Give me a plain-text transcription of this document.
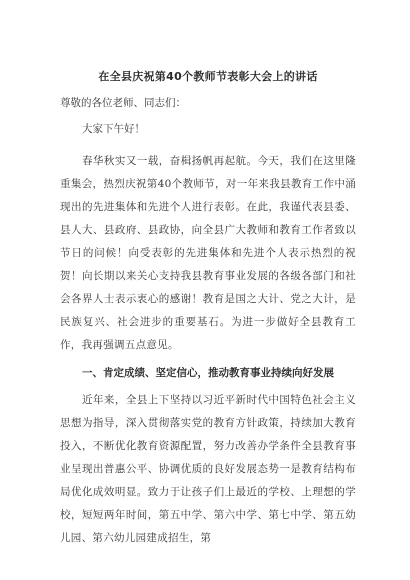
在全县庆祝第40个教师节表彰大会上的讲话

尊敬的各位老师、同志们：

大家下午好！

春华秋实又一载，奋楫扬帆再起航。今天，我们在这里隆重集会，热烈庆祝第40个教师节，对一年来我县教育工作中涌现出的先进集体和先进个人进行表彰。在此，我谨代表县委、县人大、县政府、县政协，向全县广大教师和教育工作者致以节日的问候！向受表彰的先进集体和先进个人表示热烈的祝贺！向长期以来关心支持我县教育事业发展的各级各部门和社会各界人士表示衷心的感谢！教育是国之大计、党之大计，是民族复兴、社会进步的重要基石。为进一步做好全县教育工作，我再强调五点意见。

一、肯定成绩、坚定信心，推动教育事业持续向好发展

近年来，全县上下坚持以习近平新时代中国特色社会主义思想为指导，深入贯彻落实党的教育方针政策，持续加大教育投入，不断优化教育资源配置，努力改善办学条件全县教育事业呈现出普惠公平、协调优质的良好发展态势一是教育结构布局优化成效明显。致力于让孩子们上最近的学校、上理想的学校，短短两年时间，第五中学、第六中学、第七中学、第五幼儿园、第六幼儿园建成招生，第
